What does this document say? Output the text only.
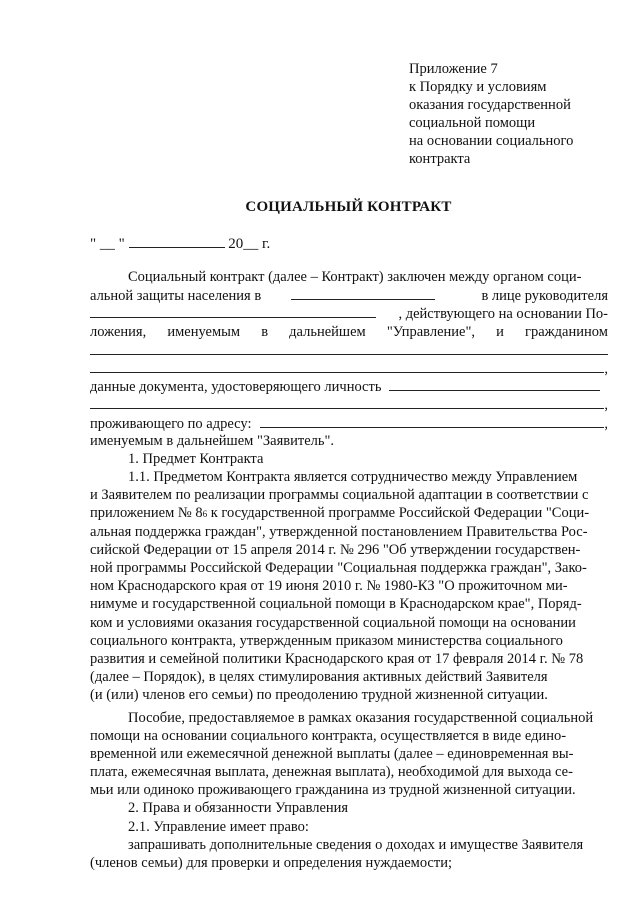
Приложение 7
к Порядку и условиям
оказания государственной
социальной помощи
на основании социального
контракта
СОЦИАЛЬНЫЙ КОНТРАКТ
" __ "	20__ г.
Социальный контракт (далее – Контракт) заключен между органом соци-
альной защиты населения в	в лице руководителя
, действующего на основании По-
ложения, именуемым в дальнейшем "Управление", и гражданином
,
данные документа, удостоверяющего личность
,
проживающего по адресу:	,
именуемым в дальнейшем "Заявитель".
1. Предмет Контракта
1.1. Предметом Контракта является сотрудничество между Управлением
и Заявителем по реализации программы социальной адаптации в соответствии с
приложением № 8 6 к государственной программе Российской Федерации "Соци-
альная поддержка граждан", утвержденной постановлением Правительства Рос-
сийской Федерации от 15 апреля 2014 г. № 296 "Об утверждении государствен-
ной программы Российской Федерации "Социальная поддержка граждан", Зако-
ном Краснодарского края от 19 июня 2010 г. № 1980-КЗ "О прожиточном ми-
нимуме и государственной социальной помощи в Краснодарском крае", Поряд-
ком и условиями оказания государственной социальной помощи на основании
социального контракта, утвержденным приказом министерства социального
развития и семейной политики Краснодарского края от 17 февраля 2014 г. № 78
(далее – Порядок), в целях стимулирования активных действий Заявителя
(и (или) членов его семьи) по преодолению трудной жизненной ситуации.
Пособие, предоставляемое в рамках оказания государственной социальной
помощи на основании социального контракта, осуществляется в виде едино-
временной или ежемесячной денежной выплаты (далее – единовременная вы-
плата, ежемесячная выплата, денежная выплата), необходимой для выхода се-
мьи или одиноко проживающего гражданина из трудной жизненной ситуации.
2. Права и обязанности Управления
2.1. Управление имеет право:
запрашивать дополнительные сведения о доходах и имуществе Заявителя
(членов семьи) для проверки и определения нуждаемости;
